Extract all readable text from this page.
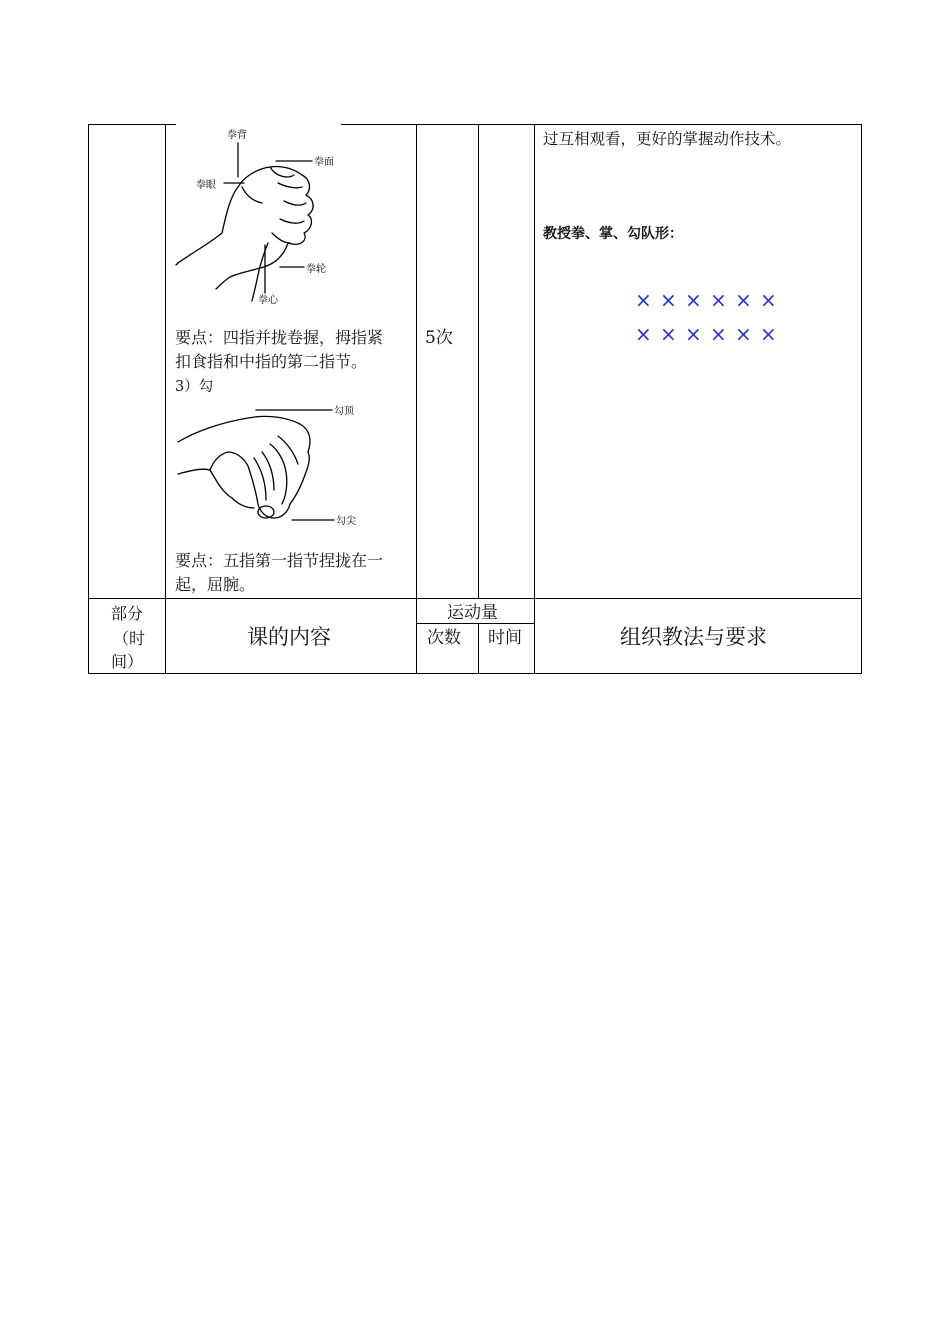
拳背
拳面
拳眼
拳轮
拳心
要点：四指并拢卷握，拇指紧
扣食指和中指的第二指节。
3）勾
勾顶
勾尖
要点：五指第一指节捏拢在一
起，屈腕。
5次
过互相观看，更好的掌握动作技术。
教授拳、掌、勾队形：
× × × × × ×
× × × × × ×
部分
（时
间）
课的内容
运动量
次数 时间	组织教法与要求
